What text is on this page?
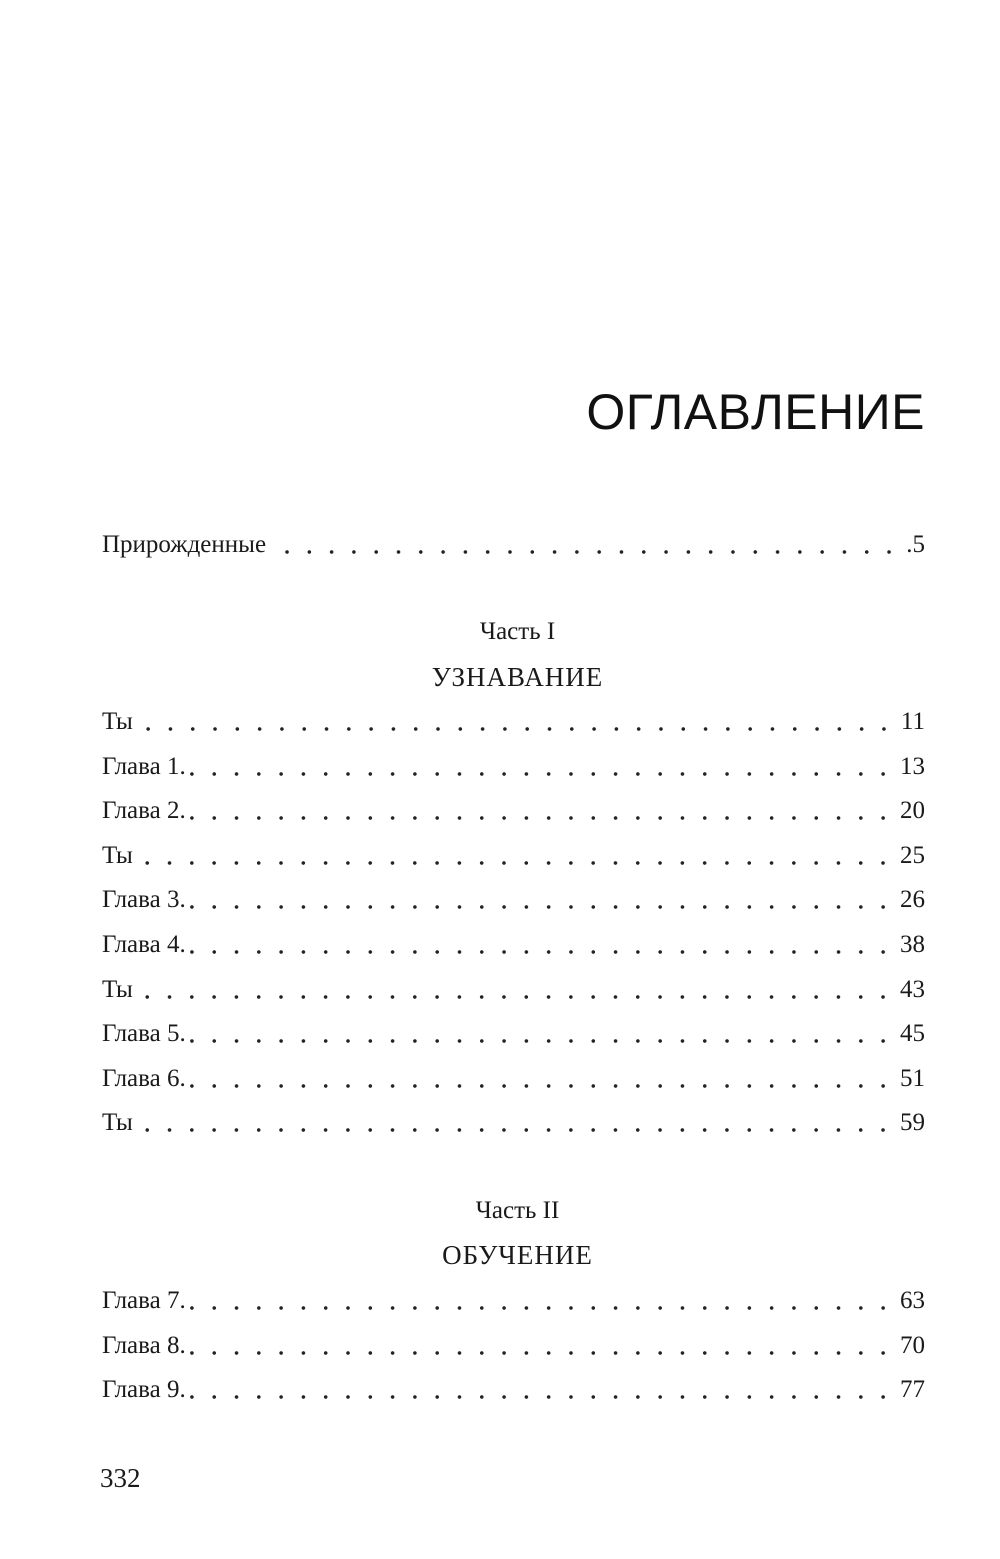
ОГЛАВЛЕНИЕ
Прирожденные	.5
Часть I
УЗНАВАНИЕ
Ты	11
Глава 1 .	13
Глава 2 .	20
Ты	25
Глава 3 .	26
Глава 4 .	38
Ты	43
Глава 5 .	45
Глава 6 .	51
Ты	59
Часть II
ОБУЧЕНИЕ
Глава 7 .	63
Глава 8 .	70
Глава 9 .	77
332
